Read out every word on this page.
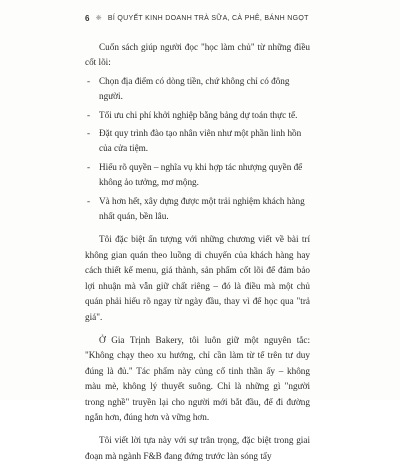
6 ❋ BÍ QUYẾT KINH DOANH TRÀ SỮA, CÀ PHÊ, BÁNH NGỌT

Cuốn sách giúp người đọc "học làm chủ" từ những điều cốt lõi:

- Chọn địa điểm có dòng tiền, chứ không chỉ có đông người.
- Tối ưu chi phí khởi nghiệp bằng bảng dự toán thực tế.
- Đặt quy trình đào tạo nhân viên như một phần linh hồn của cửa tiệm.
- Hiểu rõ quyền – nghĩa vụ khi hợp tác nhượng quyền để không ảo tưởng, mơ mộng.
- Và hơn hết, xây dựng được một trải nghiệm khách hàng nhất quán, bền lâu.

Tôi đặc biệt ấn tượng với những chương viết về bài trí không gian quán theo luồng di chuyển của khách hàng hay cách thiết kế menu, giá thành, sản phẩm cốt lõi để đảm bảo lợi nhuận mà vẫn giữ chất riêng – đó là điều mà một chủ quán phải hiểu rõ ngay từ ngày đầu, thay vì để học qua "trả giá".

Ở Gia Trịnh Bakery, tôi luôn giữ một nguyên tắc: "Không chạy theo xu hướng, chỉ cần làm từ tế trên tư duy đúng là đủ." Tác phẩm này củng cố tinh thần ấy – không màu mè, không lý thuyết suông. Chỉ là những gì "người trong nghề" truyền lại cho người mới bắt đầu, để đi đường ngắn hơn, đúng hơn và vững hơn.

Tôi viết lời tựa này với sự trân trọng, đặc biệt trong giai đoạn mà ngành F&B đang đứng trước làn sóng tấy
